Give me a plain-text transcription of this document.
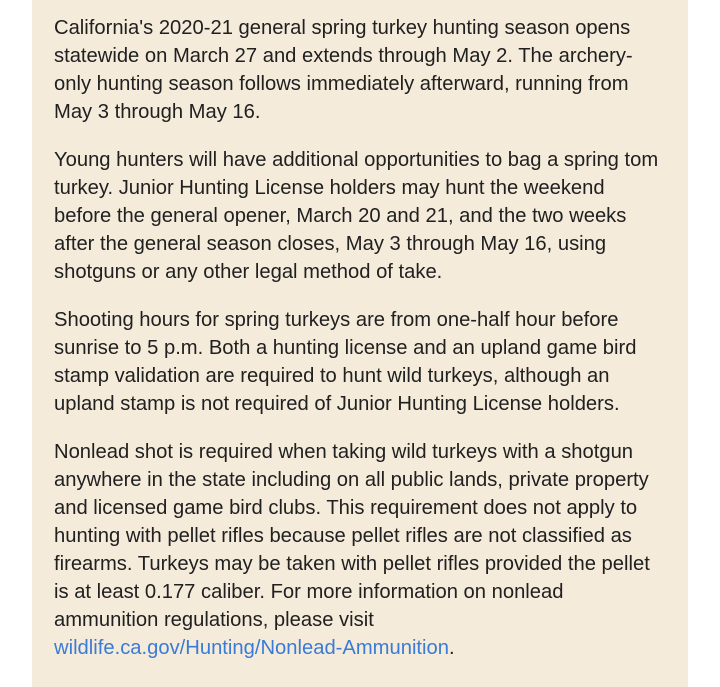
California's 2020-21 general spring turkey hunting season opens statewide on March 27 and extends through May 2. The archery-only hunting season follows immediately afterward, running from May 3 through May 16.

Young hunters will have additional opportunities to bag a spring tom turkey. Junior Hunting License holders may hunt the weekend before the general opener, March 20 and 21, and the two weeks after the general season closes, May 3 through May 16, using shotguns or any other legal method of take.

Shooting hours for spring turkeys are from one-half hour before sunrise to 5 p.m. Both a hunting license and an upland game bird stamp validation are required to hunt wild turkeys, although an upland stamp is not required of Junior Hunting License holders.

Nonlead shot is required when taking wild turkeys with a shotgun anywhere in the state including on all public lands, private property and licensed game bird clubs. This requirement does not apply to hunting with pellet rifles because pellet rifles are not classified as firearms. Turkeys may be taken with pellet rifles provided the pellet is at least 0.177 caliber. For more information on nonlead ammunition regulations, please visit wildlife.ca.gov/Hunting/Nonlead-Ammunition.
